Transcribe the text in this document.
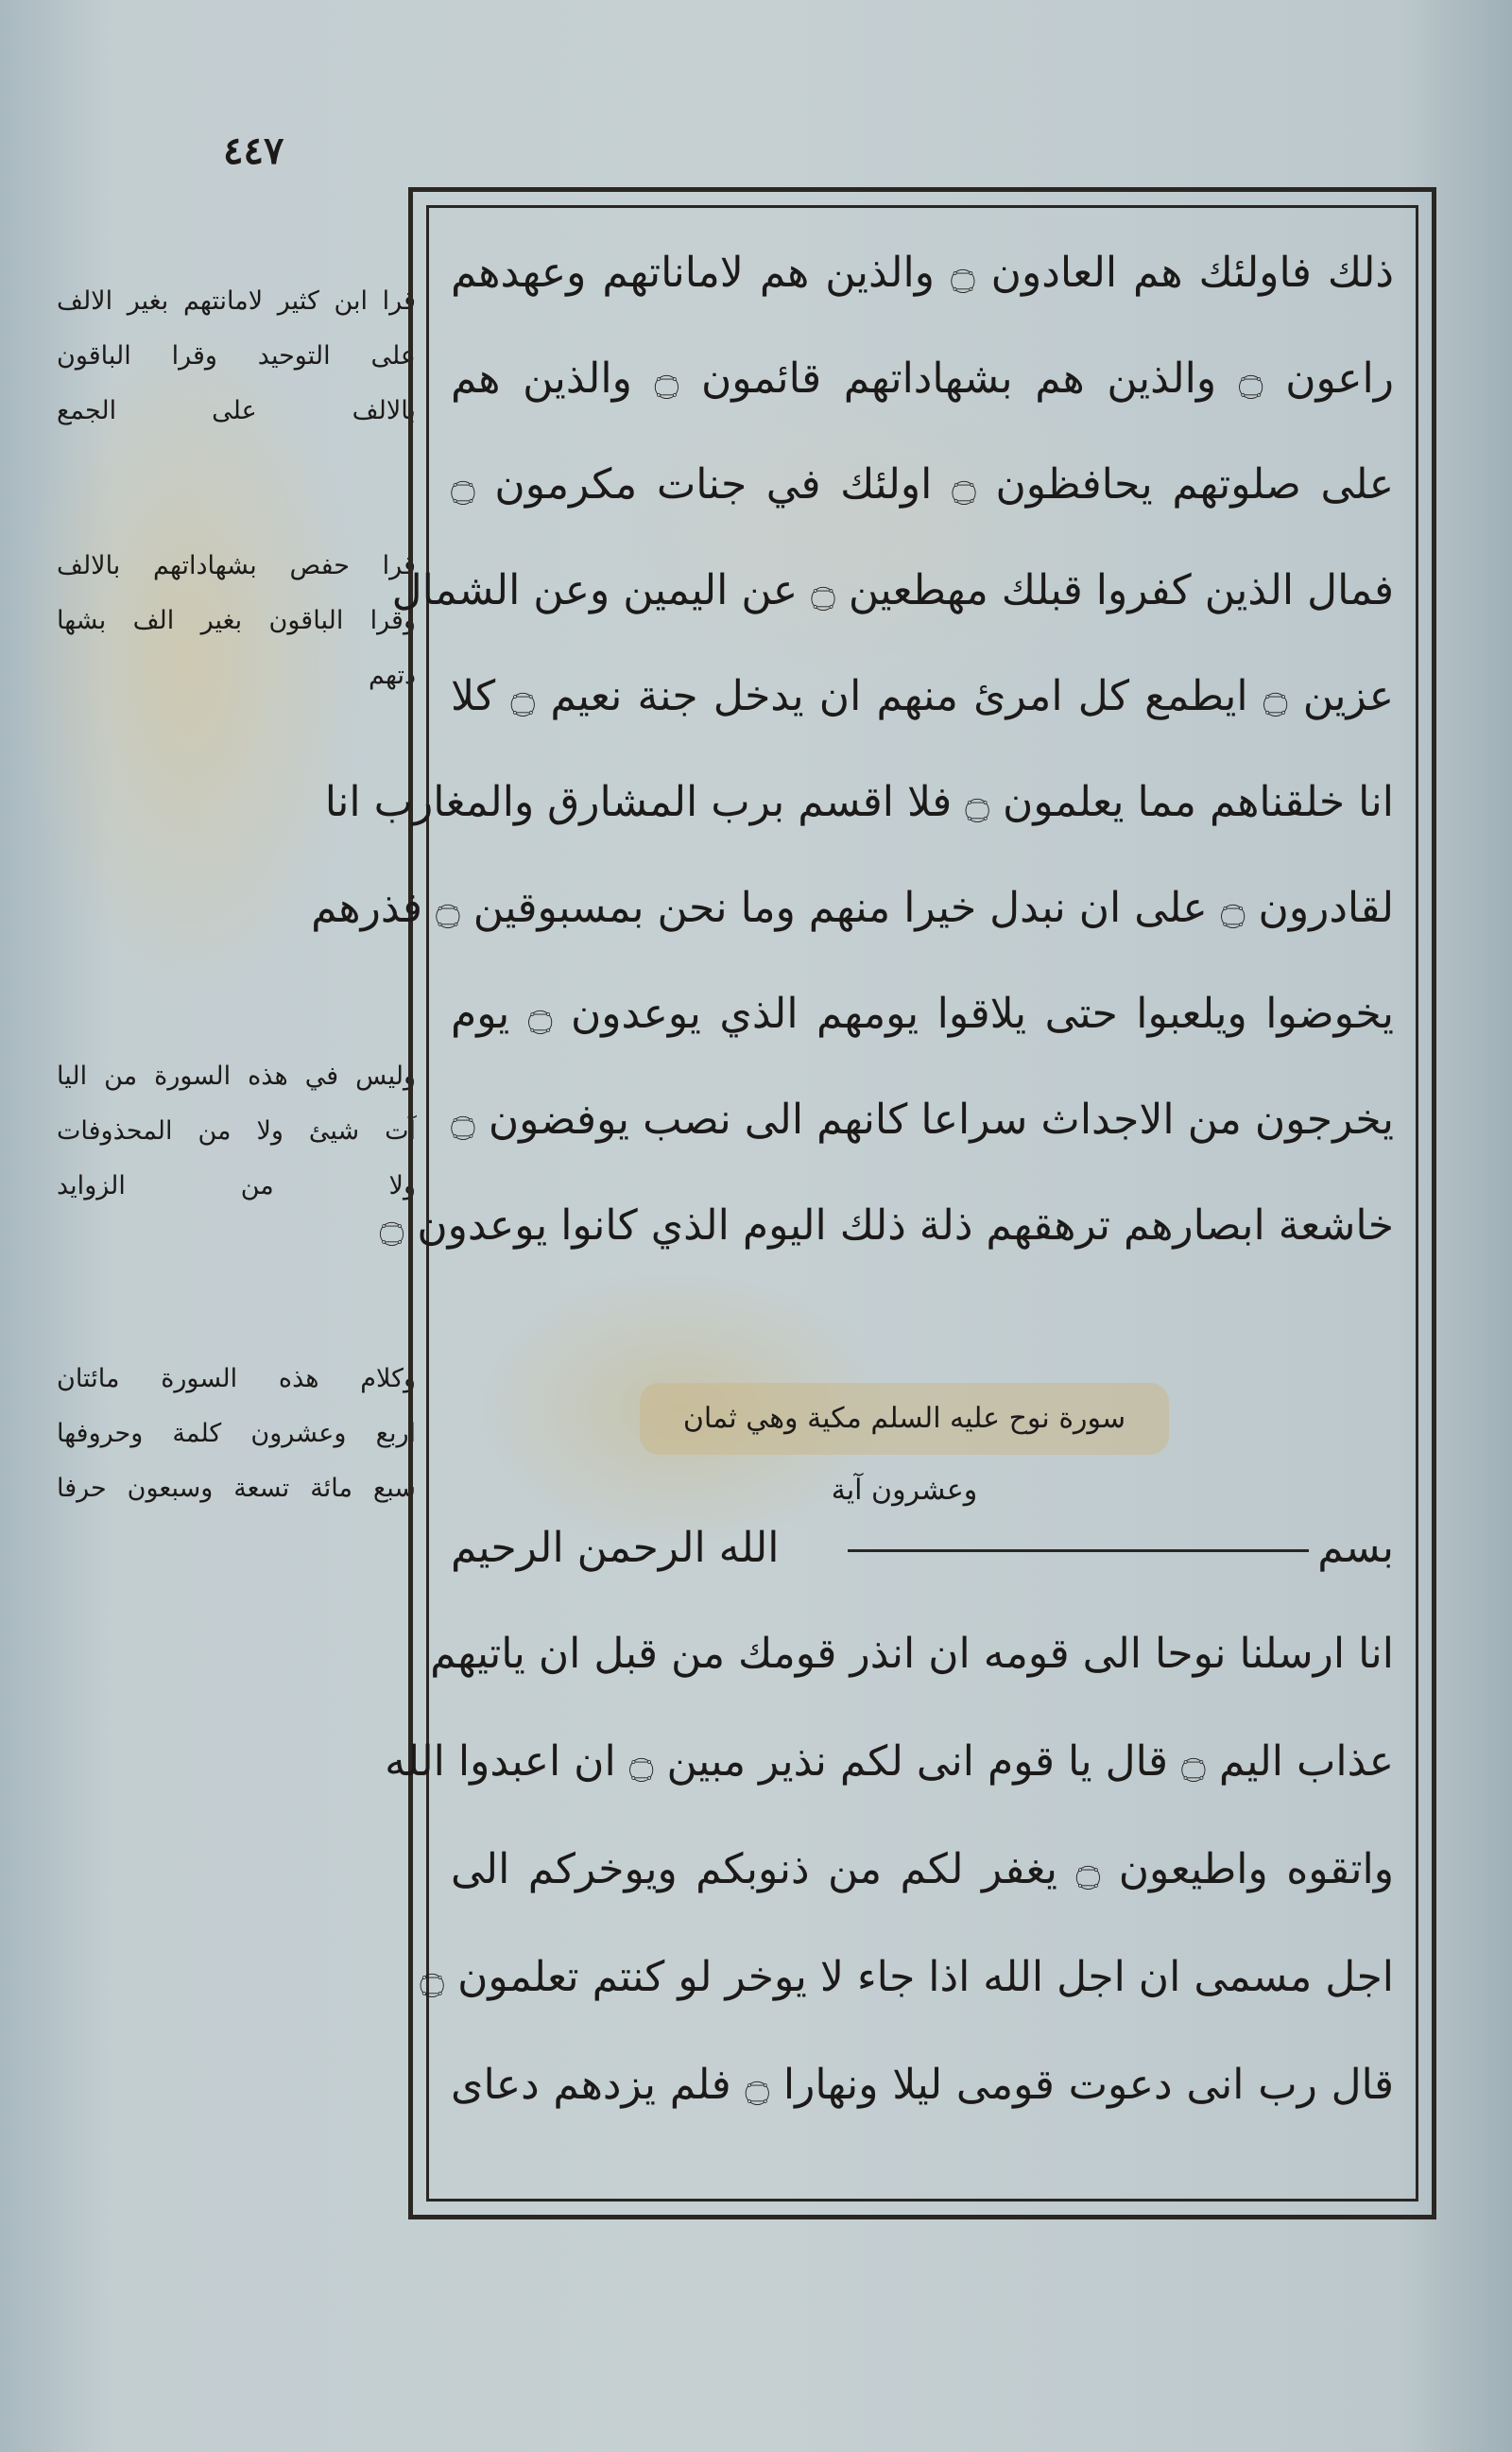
٤٤٧
قرا ابن كثير لامانتهم بغير الالف
على التوحيد وقرا الباقون
بالالف على الجمع
قرا حفص بشهاداتهم بالالف
وقرا الباقون بغير الف بشها
دتهم
وليس في هذه السورة من اليا
آت شيئ ولا من المحذوفات
ولا من الزوايد
وكلام هذه السورة مائتان
اربع وعشرون كلمة وحروفها
سبع مائة تسعة وسبعون حرفا
ذلك فاولئك هم العادون ۝ والذين هم لاماناتهم وعهدهم
راعون ۝ والذين هم بشهاداتهم قائمون ۝ والذين هم
على صلوتهم يحافظون ۝ اولئك في جنات مكرمون ۝
فمال الذين كفروا قبلك مهطعين ۝ عن اليمين وعن الشمال
عزين ۝ ايطمع كل امرئ منهم ان يدخل جنة نعيم ۝ كلا
انا خلقناهم مما يعلمون ۝ فلا اقسم برب المشارق والمغارب انا
لقادرون ۝ على ان نبدل خيرا منهم وما نحن بمسبوقين ۝ فذرهم
يخوضوا ويلعبوا حتى يلاقوا يومهم الذي يوعدون ۝ يوم
يخرجون من الاجداث سراعا كانهم الى نصب يوفضون ۝
خاشعة ابصارهم ترهقهم ذلة ذلك اليوم الذي كانوا يوعدون ۝
سورة نوح عليه السلم مكية وهي ثمان وعشرون آية
بسم
الله الرحمن الرحيم
انا ارسلنا نوحا الى قومه ان انذر قومك من قبل ان ياتيهم
عذاب اليم ۝ قال يا قوم انى لكم نذير مبين ۝ ان اعبدوا الله
واتقوه واطيعون ۝ يغفر لكم من ذنوبكم ويوخركم الى
اجل مسمى ان اجل الله اذا جاء لا يوخر لو كنتم تعلمون ۝
قال رب انى دعوت قومى ليلا ونهارا ۝ فلم يزدهم دعاى
